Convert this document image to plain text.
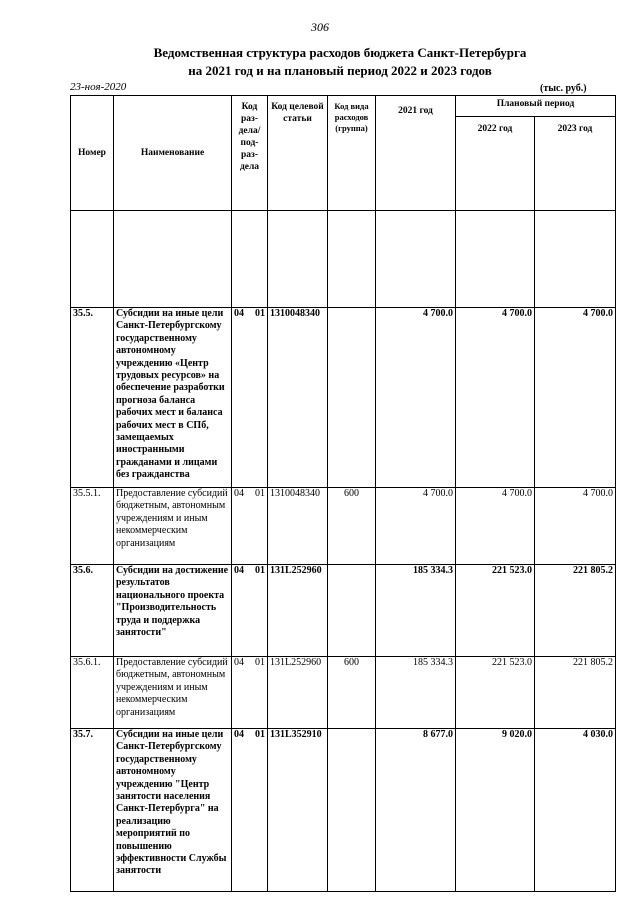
306
Ведомственная структура расходов бюджета Санкт-Петербурга
на 2021 год и на плановый период 2022 и 2023 годов
23-ноя-2020	(тыс. руб.)
Номер	Наименование	Код раз-дела/ под-раз-дела	Код целевой статьи	Код вида расходов (группа)	2021 год	Плановый период	
						2022 год	2023 год

35.5.	Субсидии на иные цели Санкт-Петербургскому государственному автономному учреждению «Центр трудовых ресурсов» на обеспечение разработки прогноза баланса рабочих мест и баланса рабочих мест в СПб, замещаемых иностранными гражданами и лицами без гражданства	04 01	1310048340		4 700.0	4 700.0	4 700.0
35.5.1.	Предоставление субсидий бюджетным, автономным учреждениям и иным некоммерческим организациям	04 01	1310048340	600	4 700.0	4 700.0	4 700.0
35.6.	Субсидии на достижение результатов национального проекта "Производительность труда и поддержка занятости"	04 01	131L252960		185 334.3	221 523.0	221 805.2
35.6.1.	Предоставление субсидий бюджетным, автономным учреждениям и иным некоммерческим организациям	04 01	131L252960	600	185 334.3	221 523.0	221 805.2
35.7.	Субсидии на иные цели Санкт-Петербургскому государственному автономному учреждению "Центр занятости населения Санкт-Петербурга" на реализацию мероприятий по повышению эффективности Службы занятости	04 01	131L352910		8 677.0	9 020.0	4 030.0
